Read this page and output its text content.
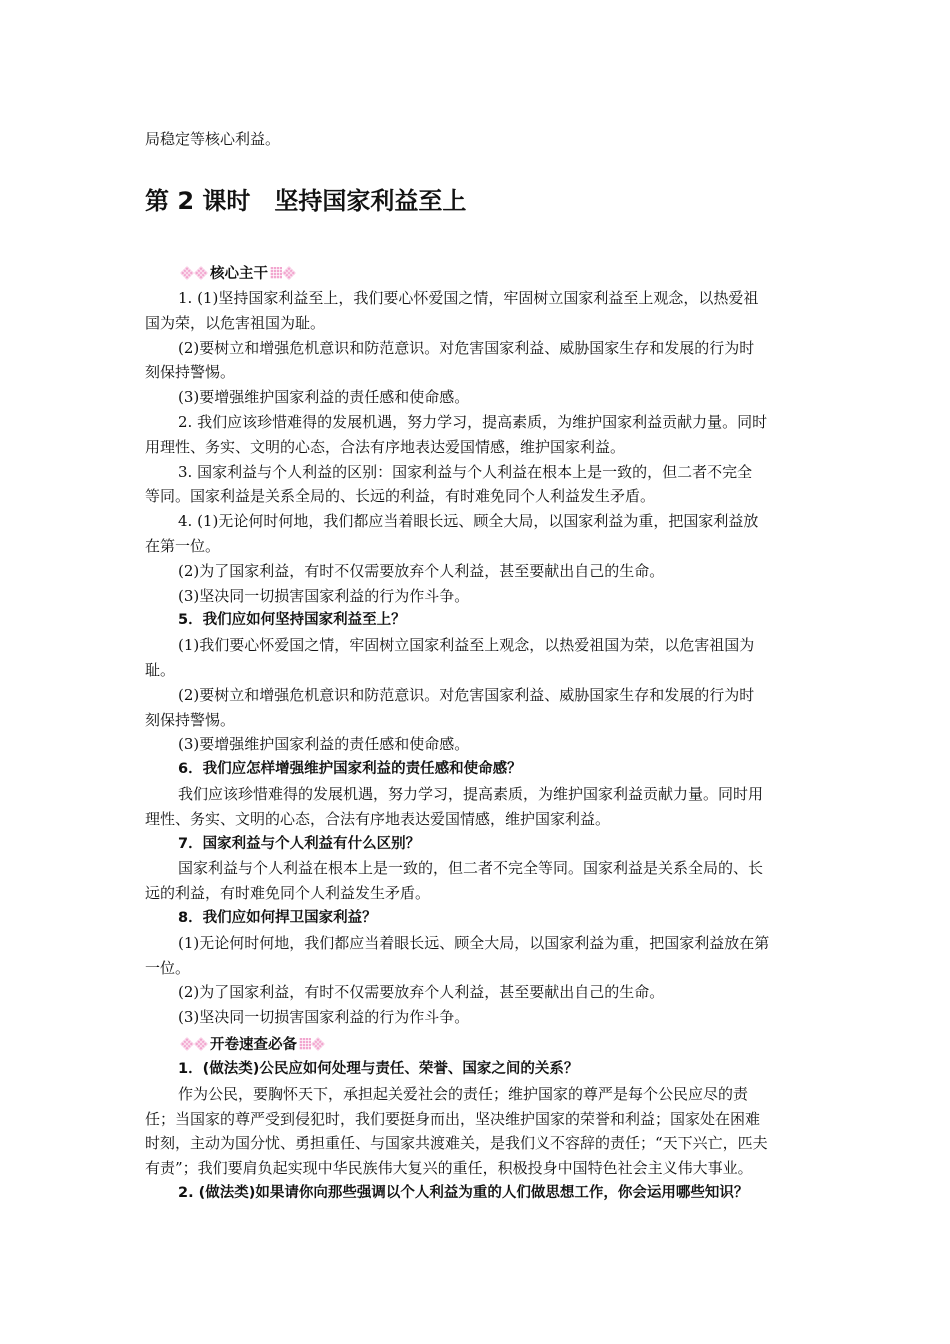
局稳定等核心利益。
第 2 课时　坚持国家利益至上
核心主干
1. (1)坚持国家利益至上，我们要心怀爱国之情，牢固树立国家利益至上观念，以热爱祖
国为荣，以危害祖国为耻。
(2)要树立和增强危机意识和防范意识。对危害国家利益、威胁国家生存和发展的行为时
刻保持警惕。
(3)要增强维护国家利益的责任感和使命感。
2. 我们应该珍惜难得的发展机遇，努力学习，提高素质，为维护国家利益贡献力量。同时
用理性、务实、文明的心态，合法有序地表达爱国情感，维护国家利益。
3. 国家利益与个人利益的区别：国家利益与个人利益在根本上是一致的，但二者不完全
等同。国家利益是关系全局的、长远的利益，有时难免同个人利益发生矛盾。
4. (1)无论何时何地，我们都应当着眼长远、顾全大局，以国家利益为重，把国家利益放
在第一位。
(2)为了国家利益，有时不仅需要放弃个人利益，甚至要献出自己的生命。
(3)坚决同一切损害国家利益的行为作斗争。
5．我们应如何坚持国家利益至上？
(1)我们要心怀爱国之情，牢固树立国家利益至上观念，以热爱祖国为荣，以危害祖国为
耻。
(2)要树立和增强危机意识和防范意识。对危害国家利益、威胁国家生存和发展的行为时
刻保持警惕。
(3)要增强维护国家利益的责任感和使命感。
6．我们应怎样增强维护国家利益的责任感和使命感？
我们应该珍惜难得的发展机遇，努力学习，提高素质，为维护国家利益贡献力量。同时用
理性、务实、文明的心态，合法有序地表达爱国情感，维护国家利益。
7．国家利益与个人利益有什么区别？
国家利益与个人利益在根本上是一致的，但二者不完全等同。国家利益是关系全局的、长
远的利益，有时难免同个人利益发生矛盾。
8．我们应如何捍卫国家利益？
(1)无论何时何地，我们都应当着眼长远、顾全大局，以国家利益为重，把国家利益放在第
一位。
(2)为了国家利益，有时不仅需要放弃个人利益，甚至要献出自己的生命。
(3)坚决同一切损害国家利益的行为作斗争。
开卷速查必备
1．(做法类)公民应如何处理与责任、荣誉、国家之间的关系？
作为公民，要胸怀天下，承担起关爱社会的责任；维护国家的尊严是每个公民应尽的责
任；当国家的尊严受到侵犯时，我们要挺身而出，坚决维护国家的荣誉和利益；国家处在困难
时刻，主动为国分忧、勇担重任、与国家共渡难关，是我们义不容辞的责任；“天下兴亡，匹夫
有责”；我们要肩负起实现中华民族伟大复兴的重任，积极投身中国特色社会主义伟大事业。
2. (做法类)如果请你向那些强调以个人利益为重的人们做思想工作，你会运用哪些知识？
